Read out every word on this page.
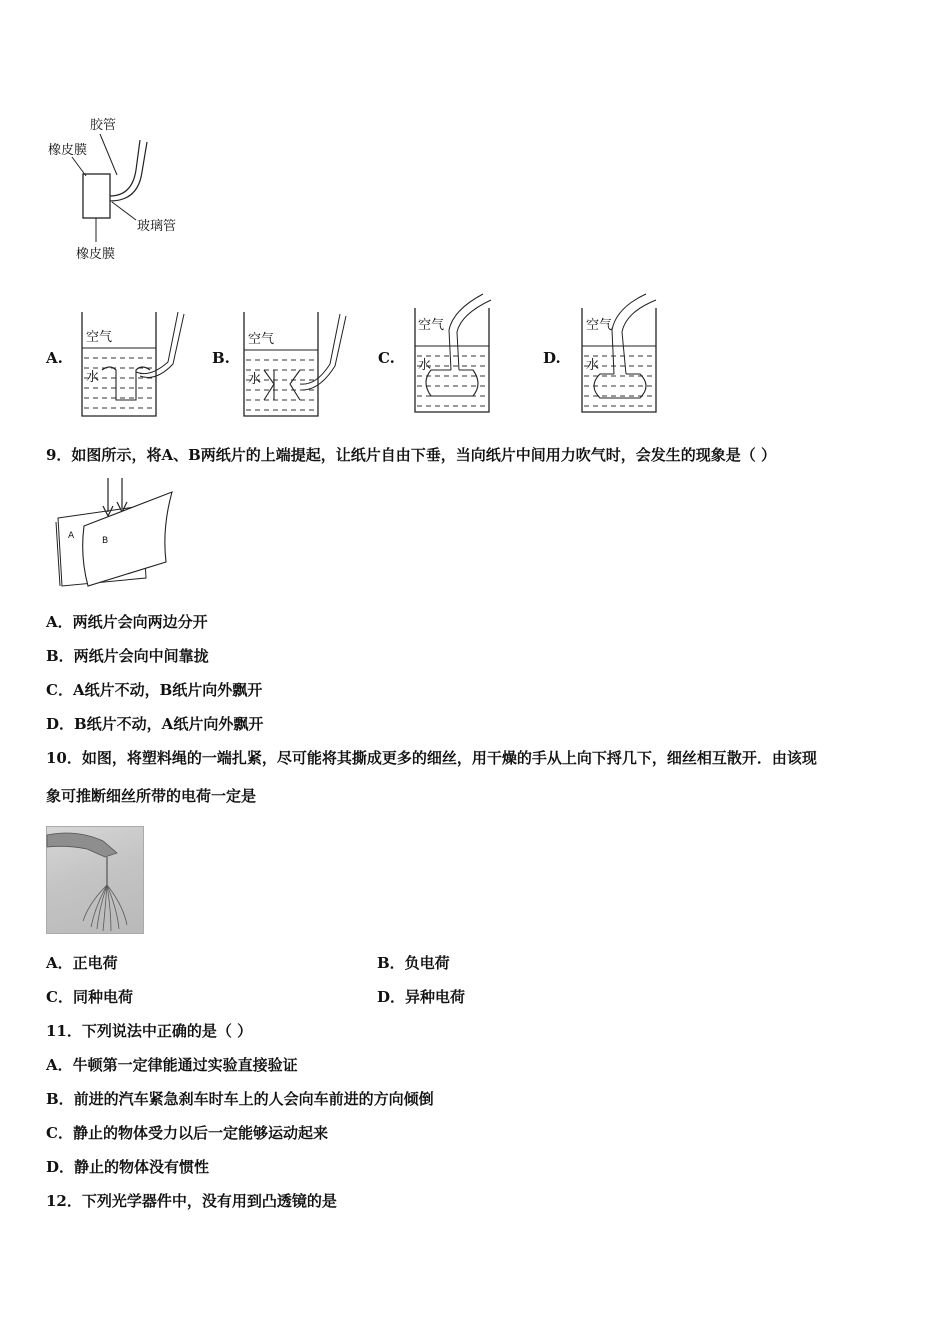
胶管
橡皮膜
玻璃管
橡皮膜
A.
空气
水
B.
空气
水
C.
空气
水	D.
空气
水
9．如图所示，将A、B两纸片的上端提起，让纸片自由下垂，当向纸片中间用力吹气时，会发生的现象是（ ）
A	B
A．两纸片会向两边分开
B．两纸片会向中间靠拢
C．A纸片不动，B纸片向外飘开
D．B纸片不动，A纸片向外飘开
10．如图，将塑料绳的一端扎紧，尽可能将其撕成更多的细丝，用干燥的手从上向下捋几下，细丝相互散开．由该现
象可推断细丝所带的电荷一定是
A．正电荷	B．负电荷
C．同种电荷	D．异种电荷
11．下列说法中正确的是（ ）
A．牛顿第一定律能通过实验直接验证
B．前进的汽车紧急刹车时车上的人会向车前进的方向倾倒
C．静止的物体受力以后一定能够运动起来
D．静止的物体没有惯性
12．下列光学器件中，没有用到凸透镜的是
